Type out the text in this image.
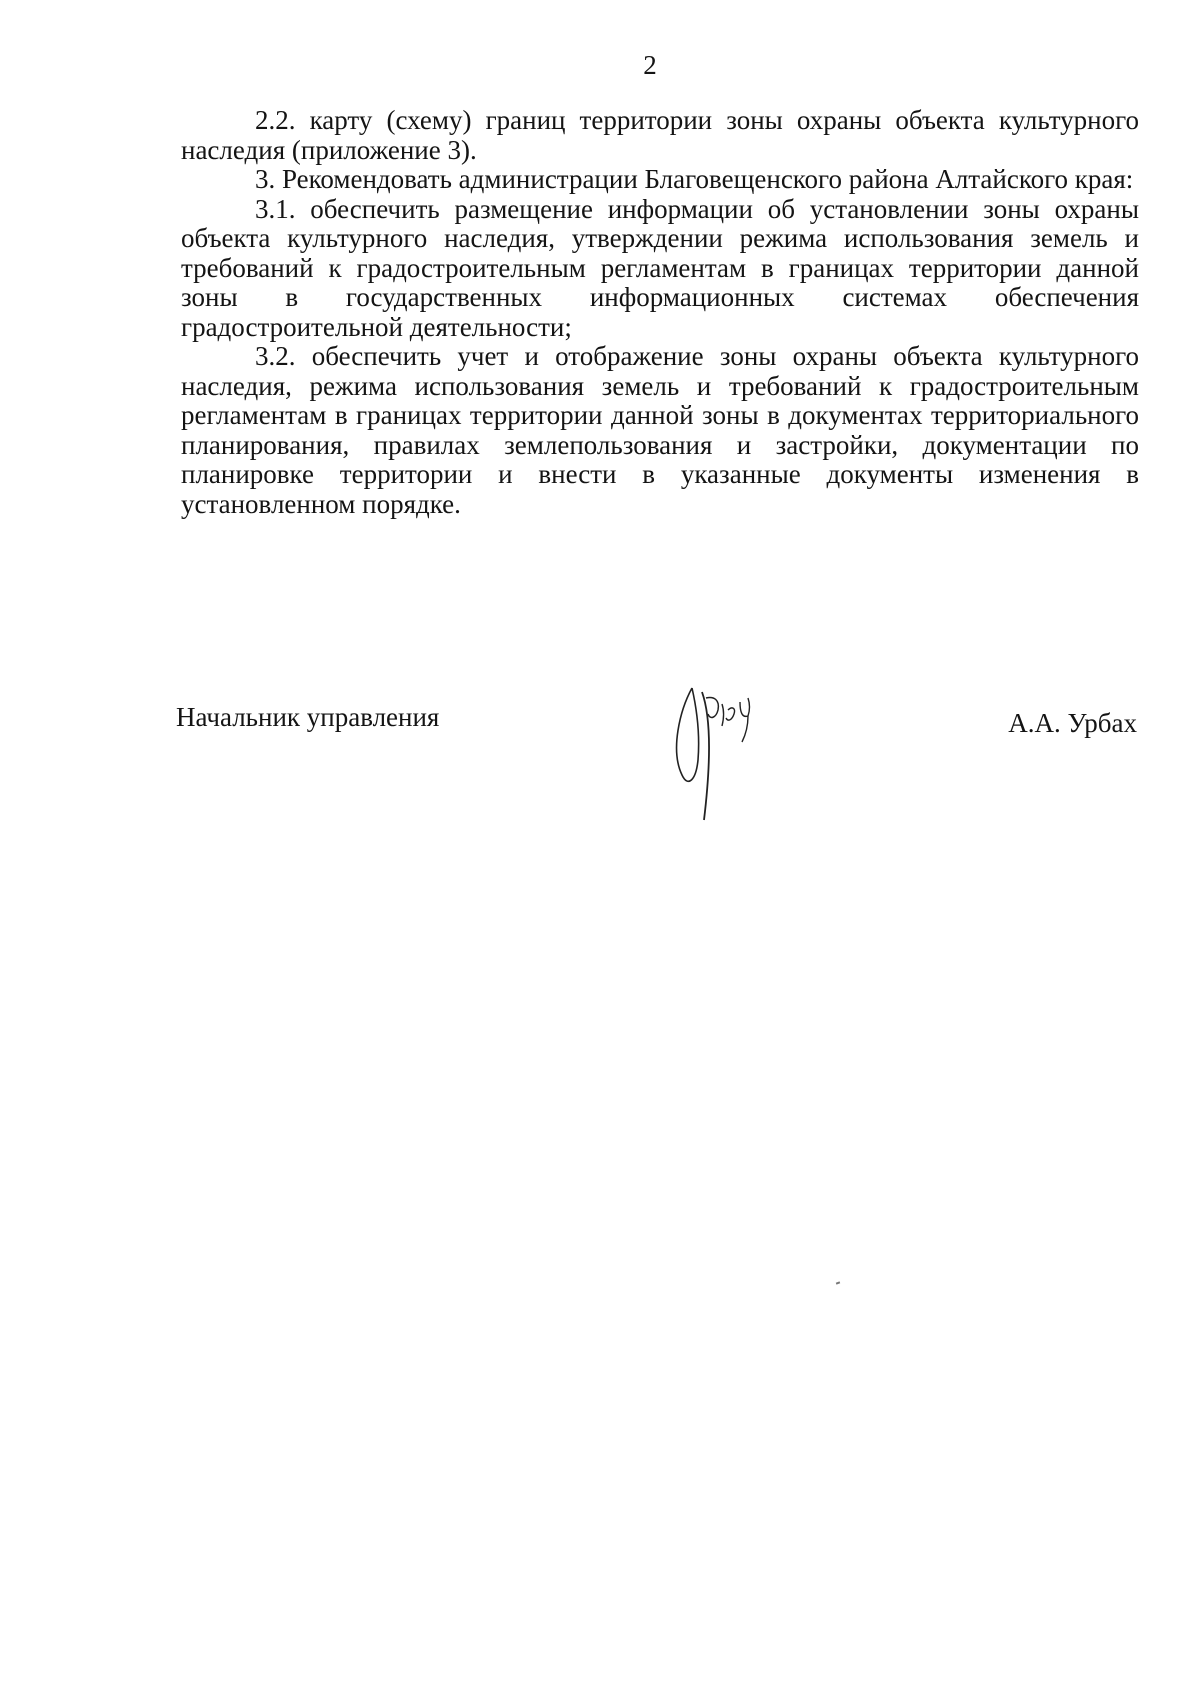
2

2.2. карту (схему) границ территории зоны охраны объекта культурного наследия (приложение 3).

3. Рекомендовать администрации Благовещенского района Алтайского края:

3.1. обеспечить размещение информации об установлении зоны охраны объекта культурного наследия, утверждении режима использования земель и требований к градостроительным регламентам в границах территории данной зоны в государственных информационных системах обеспечения градостроительной деятельности;

3.2. обеспечить учет и отображение зоны охраны объекта культурного наследия, режима использования земель и требований к градостроительным регламентам в границах территории данной зоны в документах территориального планирования, правилах землепользования и застройки, документации по планировке территории и внести в указанные документы изменения в установленном порядке.

Начальник управления	А.А. Урбах
